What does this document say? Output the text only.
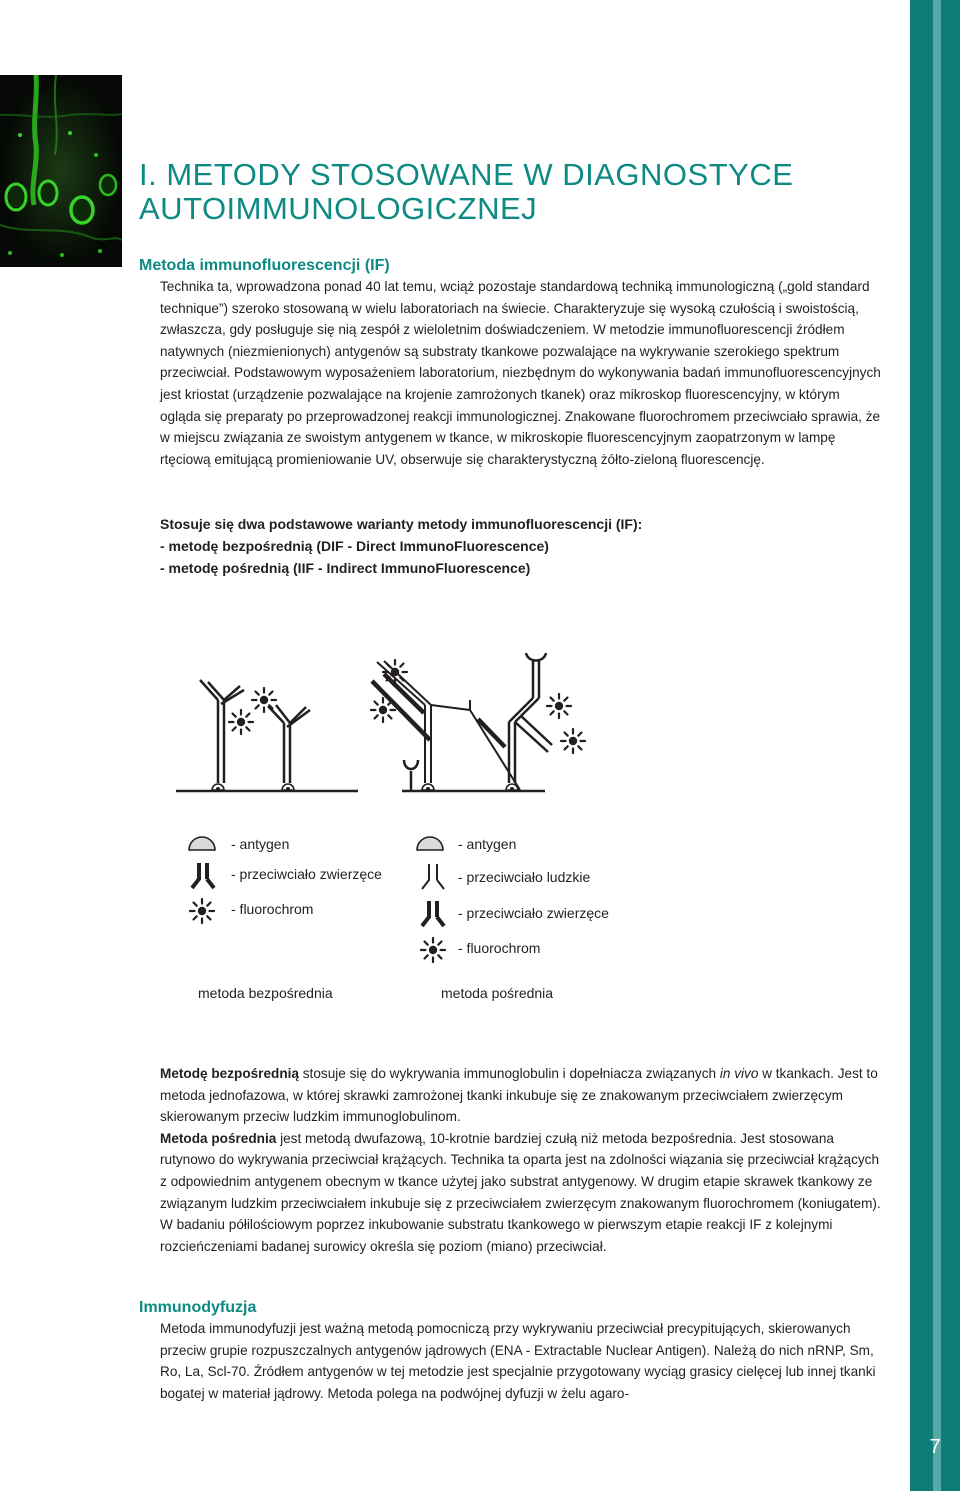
7
I. METODY STOSOWANE W DIAGNOSTYCE
AUTOIMMUNOLOGICZNEJ
Metoda immunofluorescencji (IF)

Technika ta, wprowadzona ponad 40 lat temu, wciąż pozostaje standardową techniką immunologiczną („gold standard technique”) szeroko stosowaną w wielu laboratoriach na świecie. Charakteryzuje się wysoką czułością i swoistością, zwłaszcza, gdy posługuje się nią zespół z wieloletnim doświadczeniem. W metodzie immunofluorescencji źródłem natywnych (niezmienionych) antygenów są substraty tkankowe pozwalające na wykrywanie szerokiego spektrum przeciwciał. Podstawowym wyposażeniem laboratorium, niezbędnym do wykonywania badań immunofluorescencyjnych jest kriostat (urządzenie pozwalające na krojenie zamrożonych tkanek) oraz mikroskop fluorescencyjny, w którym ogląda się preparaty po przeprowadzonej reakcji immunologicznej. Znakowane fluorochromem przeciwciało sprawia, że w miejscu związania ze swoistym antygenem w tkance, w mikroskopie fluorescencyjnym zaopatrzonym w lampę rtęciową emitującą promieniowanie UV, obserwuje się charakterystyczną żółto-zieloną fluorescencję.

Stosuje się dwa podstawowe warianty metody immunofluorescencji (IF):
- metodę bezpośrednią (DIF - Direct ImmunoFluorescence)
- metodę pośrednią (IIF - Indirect ImmunoFluorescence)
- antygen
- przeciwciało zwierzęce
- fluorochrom
- antygen
- przeciwciało ludzkie
- przeciwciało zwierzęce
- fluorochrom
metoda bezpośrednia	metoda pośrednia

Metodę bezpośrednią stosuje się do wykrywania immunoglobulin i dopełniacza związanych in vivo w tkankach. Jest to metoda jednofazowa, w której skrawki zamrożonej tkanki inkubuje się ze znakowanym przeciwciałem zwierzęcym skierowanym przeciw ludzkim immunoglobulinom.

Metoda pośrednia jest metodą dwufazową, 10-krotnie bardziej czułą niż metoda bezpośrednia. Jest stosowana rutynowo do wykrywania przeciwciał krążących. Technika ta oparta jest na zdolności wiązania się przeciwciał krążących z odpowiednim antygenem obecnym w tkance użytej jako substrat antygenowy. W drugim etapie skrawek tkankowy ze związanym ludzkim przeciwciałem inkubuje się z przeciwciałem zwierzęcym znakowanym fluorochromem (koniugatem).

W badaniu półilościowym poprzez inkubowanie substratu tkankowego w pierwszym etapie reakcji IF z kolejnymi rozcieńczeniami badanej surowicy określa się poziom (miano) przeciwciał.

Immunodyfuzja

Metoda immunodyfuzji jest ważną metodą pomocniczą przy wykrywaniu przeciwciał precypitujących, skierowanych przeciw grupie rozpuszczalnych antygenów jądrowych (ENA - Extractable Nuclear Antigen). Należą do nich nRNP, Sm, Ro, La, Scl-70. Źródłem antygenów w tej metodzie jest specjalnie przygotowany wyciąg grasicy cielęcej lub innej tkanki bogatej w materiał jądrowy. Metoda polega na podwójnej dyfuzji w żelu agaro-
